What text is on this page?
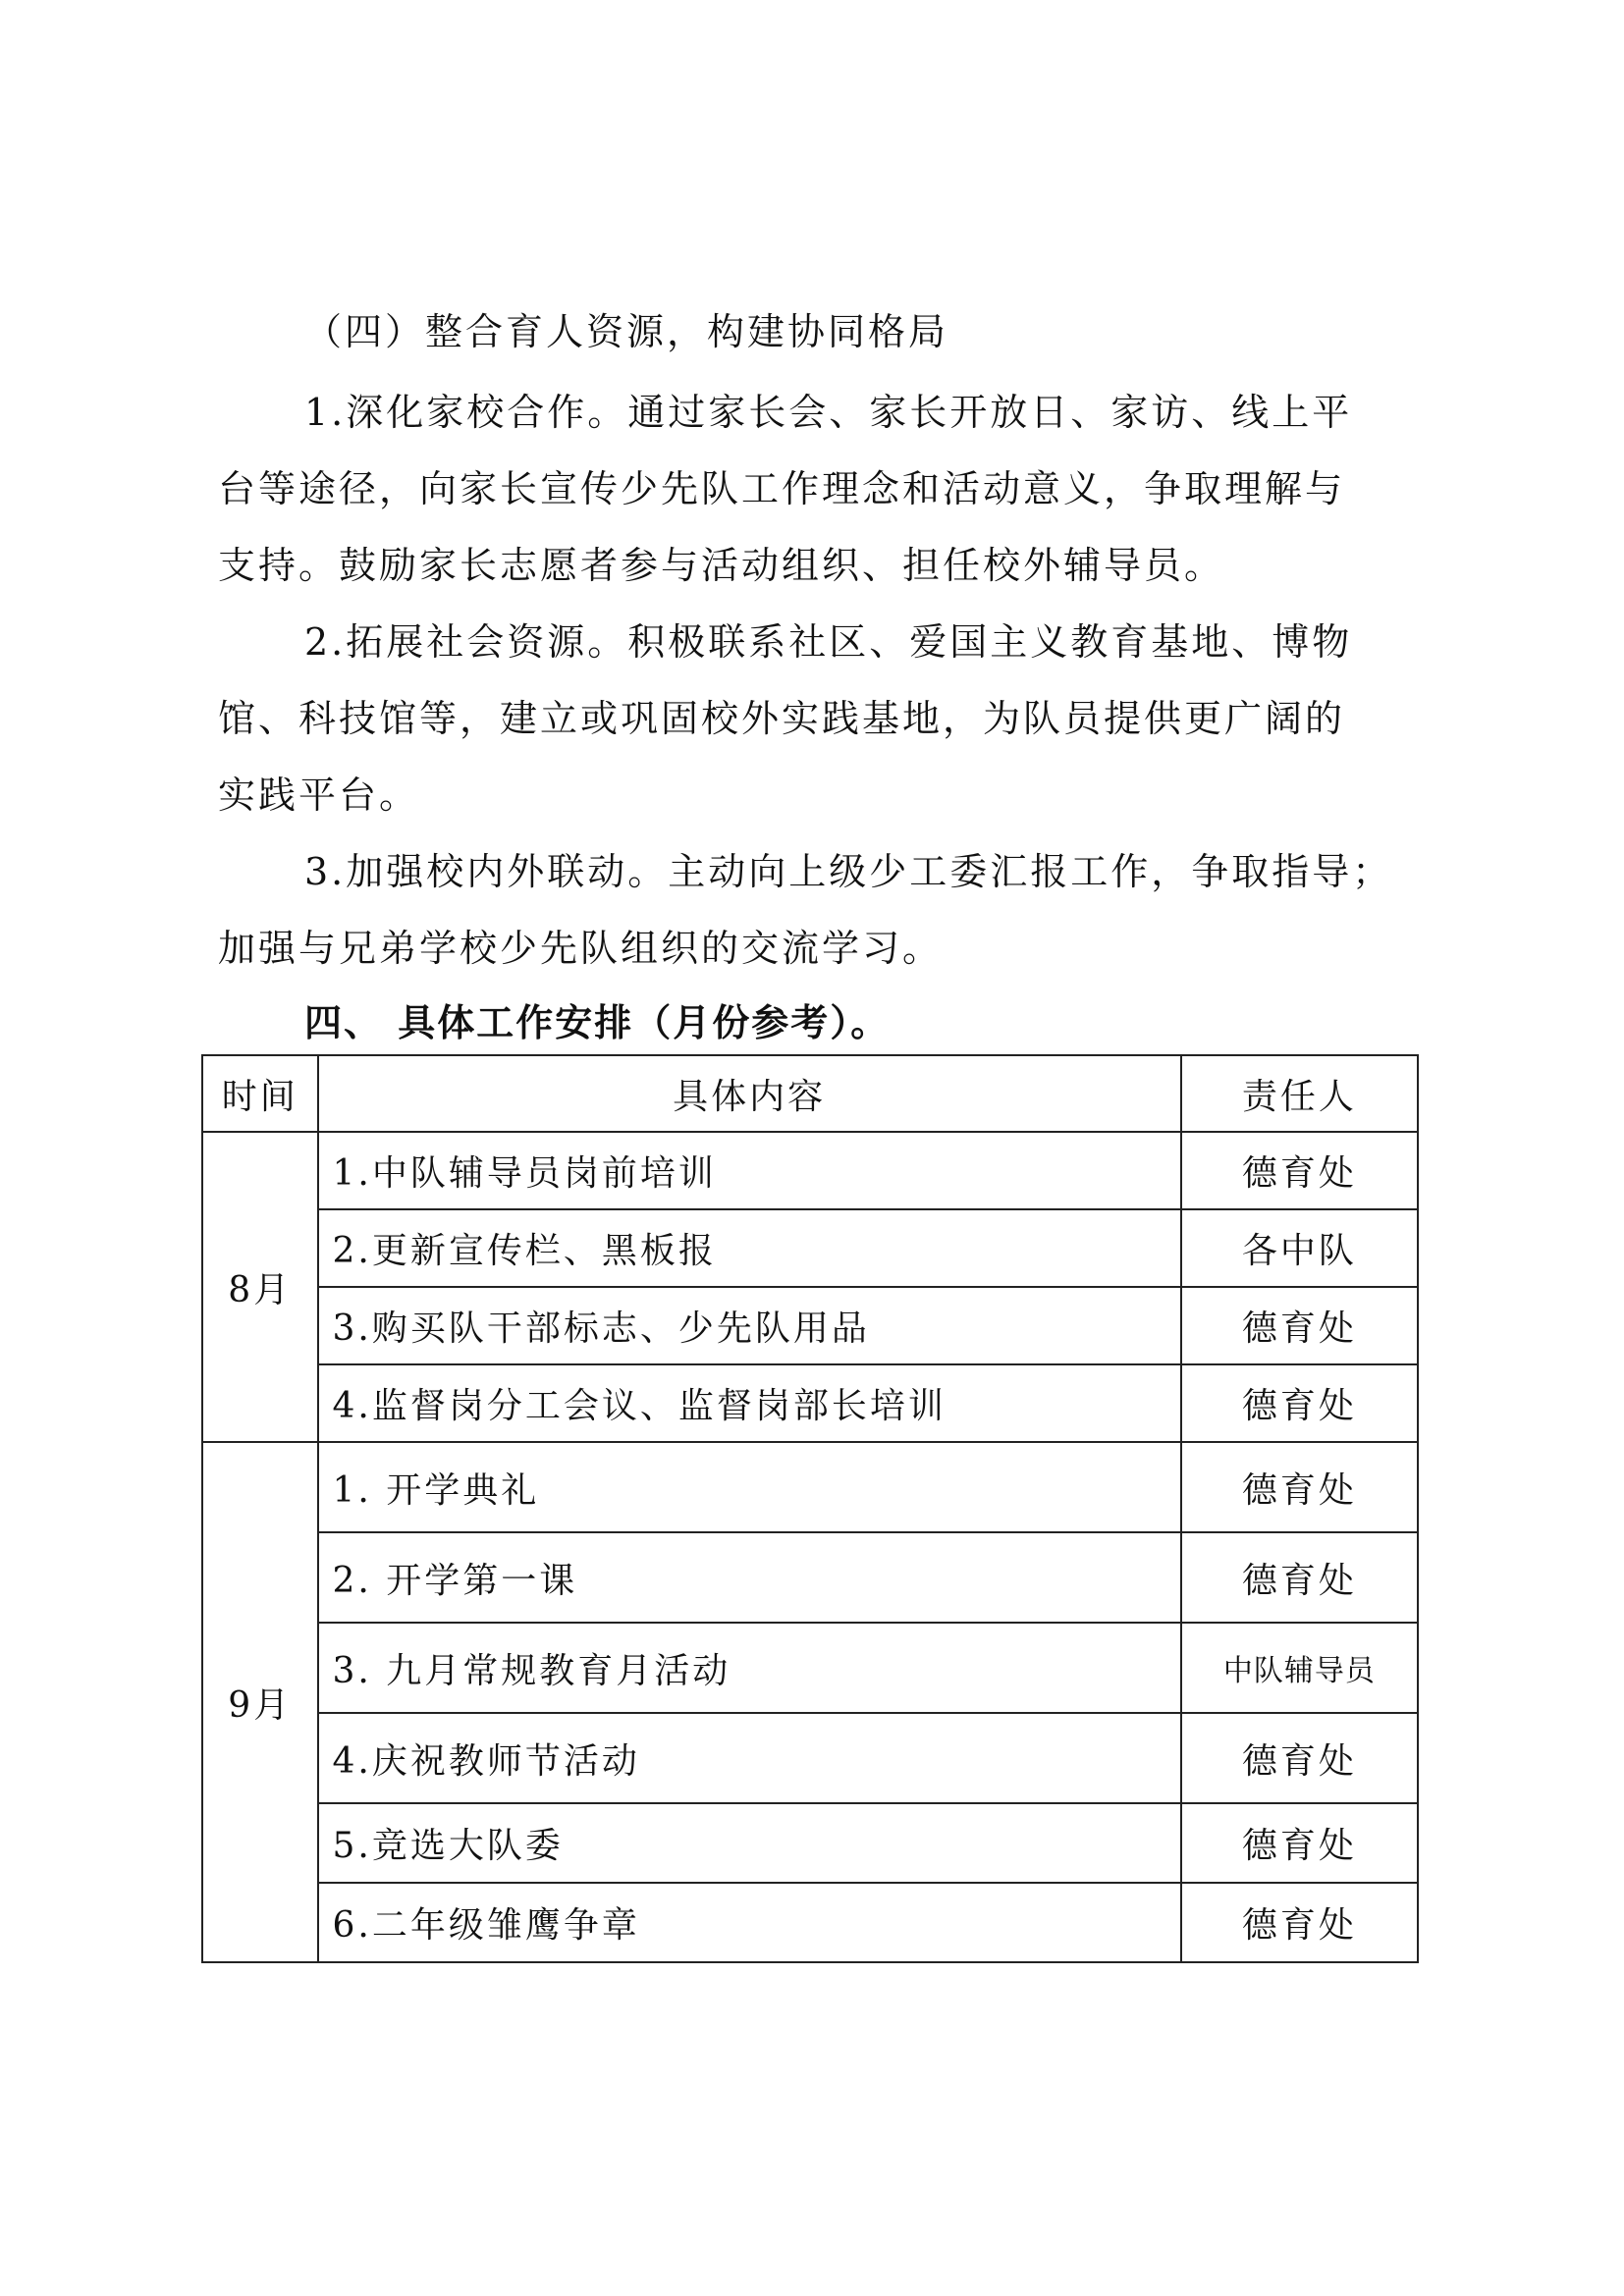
（四）整合育人资源，构建协同格局
1.深化家校合作。通过家长会、家长开放日、家访、线上平
台等途径，向家长宣传少先队工作理念和活动意义，争取理解与
支持。鼓励家长志愿者参与活动组织、担任校外辅导员。
2.拓展社会资源。积极联系社区、爱国主义教育基地、博物
馆、科技馆等，建立或巩固校外实践基地，为队员提供更广阔的
实践平台。
3.加强校内外联动。主动向上级少工委汇报工作，争取指导；
加强与兄弟学校少先队组织的交流学习。
四、 具体工作安排（月份参考）。
时间	具体内容	责任人
8月	1.中队辅导员岗前培训	德育处
	2.更新宣传栏、黑板报	各中队
	3.购买队干部标志、少先队用品	德育处
	4.监督岗分工会议、监督岗部长培训	德育处
9月	1. 开学典礼	德育处
	2. 开学第一课	德育处
	3. 九月常规教育月活动	中队辅导员
	4.庆祝教师节活动	德育处
	5.竞选大队委	德育处
	6.二年级雏鹰争章	德育处
